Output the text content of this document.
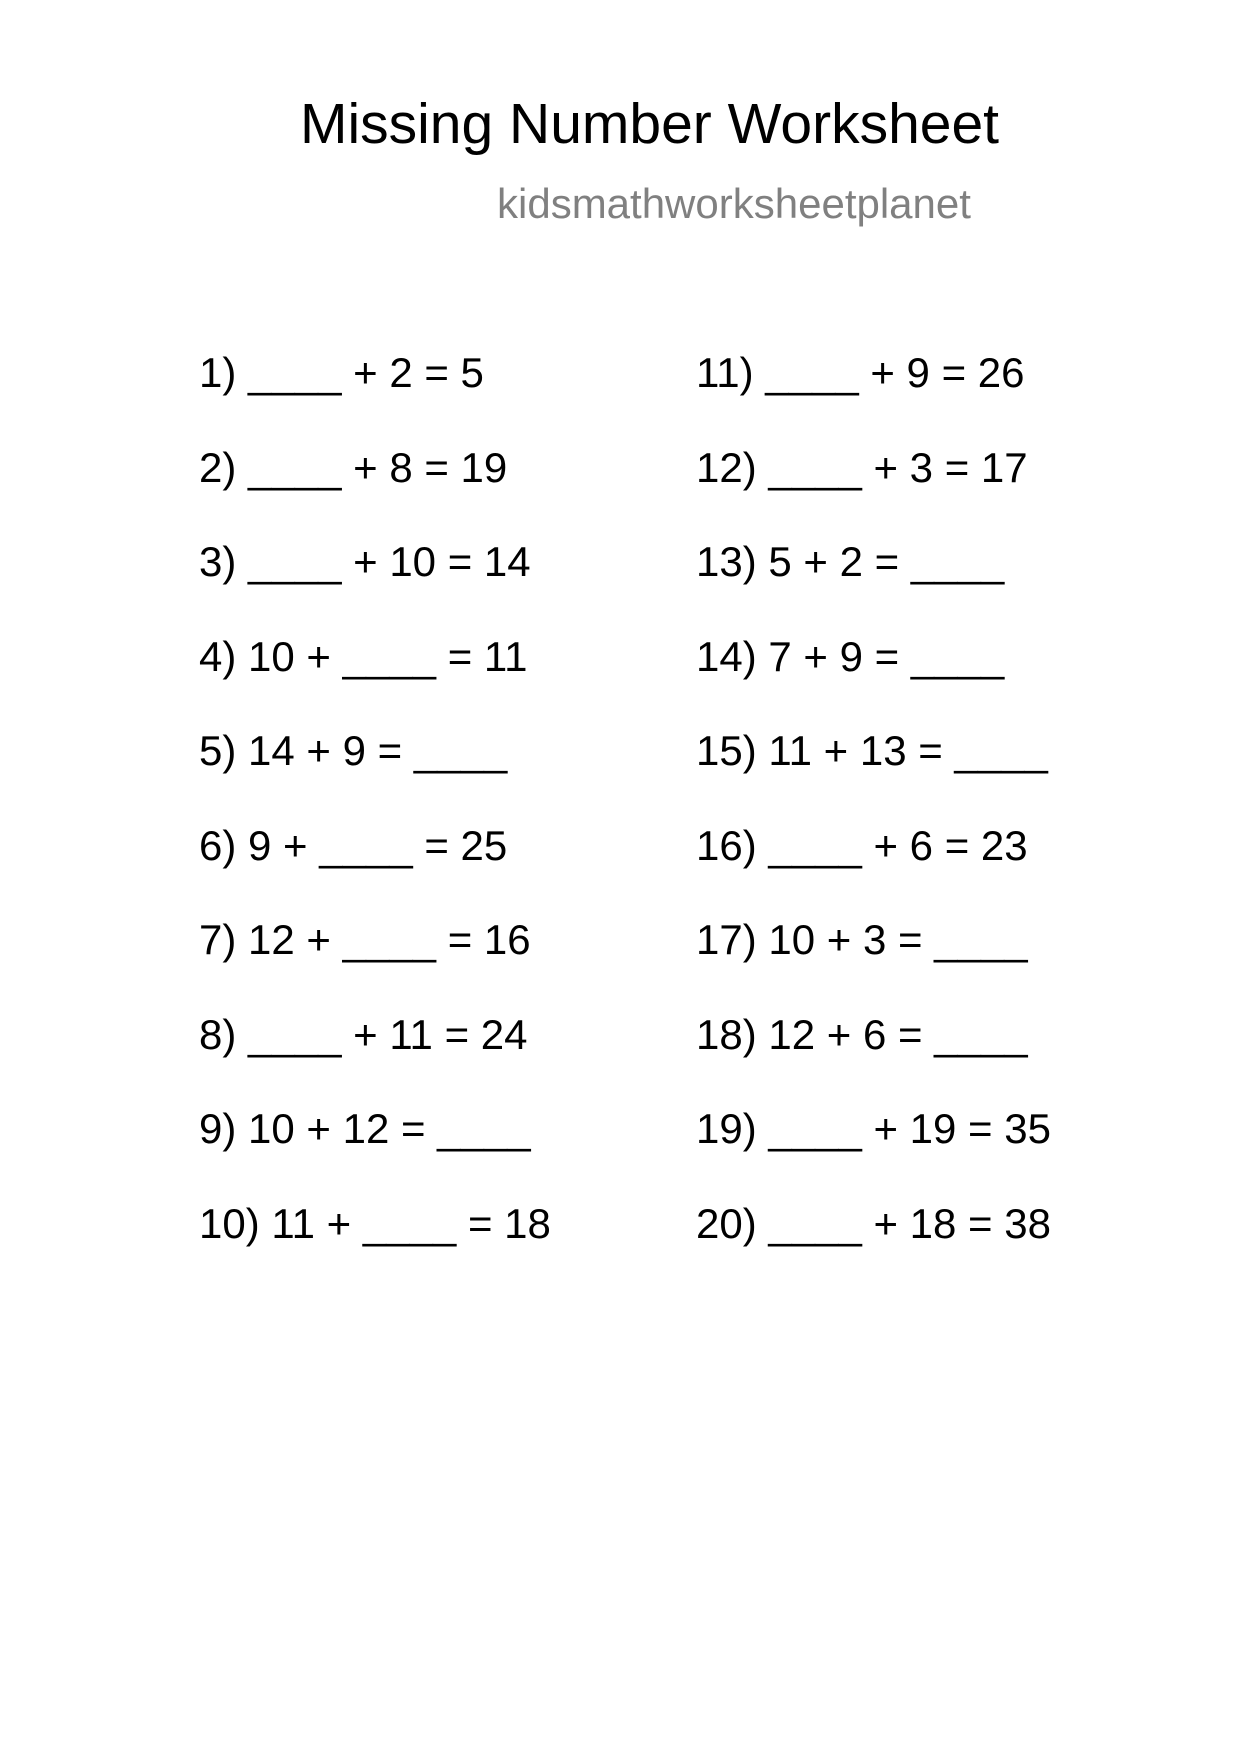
Missing Number Worksheet
kidsmathworksheetplanet
1) ____ + 2 = 5
2) ____ + 8 = 19
3) ____ + 10 = 14
4) 10 + ____ = 11
5) 14 + 9 = ____
6) 9 + ____ = 25
7) 12 + ____ = 16
8) ____ + 11 = 24
9) 10 + 12 = ____
10) 11 + ____ = 18
11) ____ + 9 = 26
12) ____ + 3 = 17
13) 5 + 2 = ____
14) 7 + 9 = ____
15) 11 + 13 = ____
16) ____ + 6 = 23
17) 10 + 3 = ____
18) 12 + 6 = ____
19) ____ + 19 = 35
20) ____ + 18 = 38
